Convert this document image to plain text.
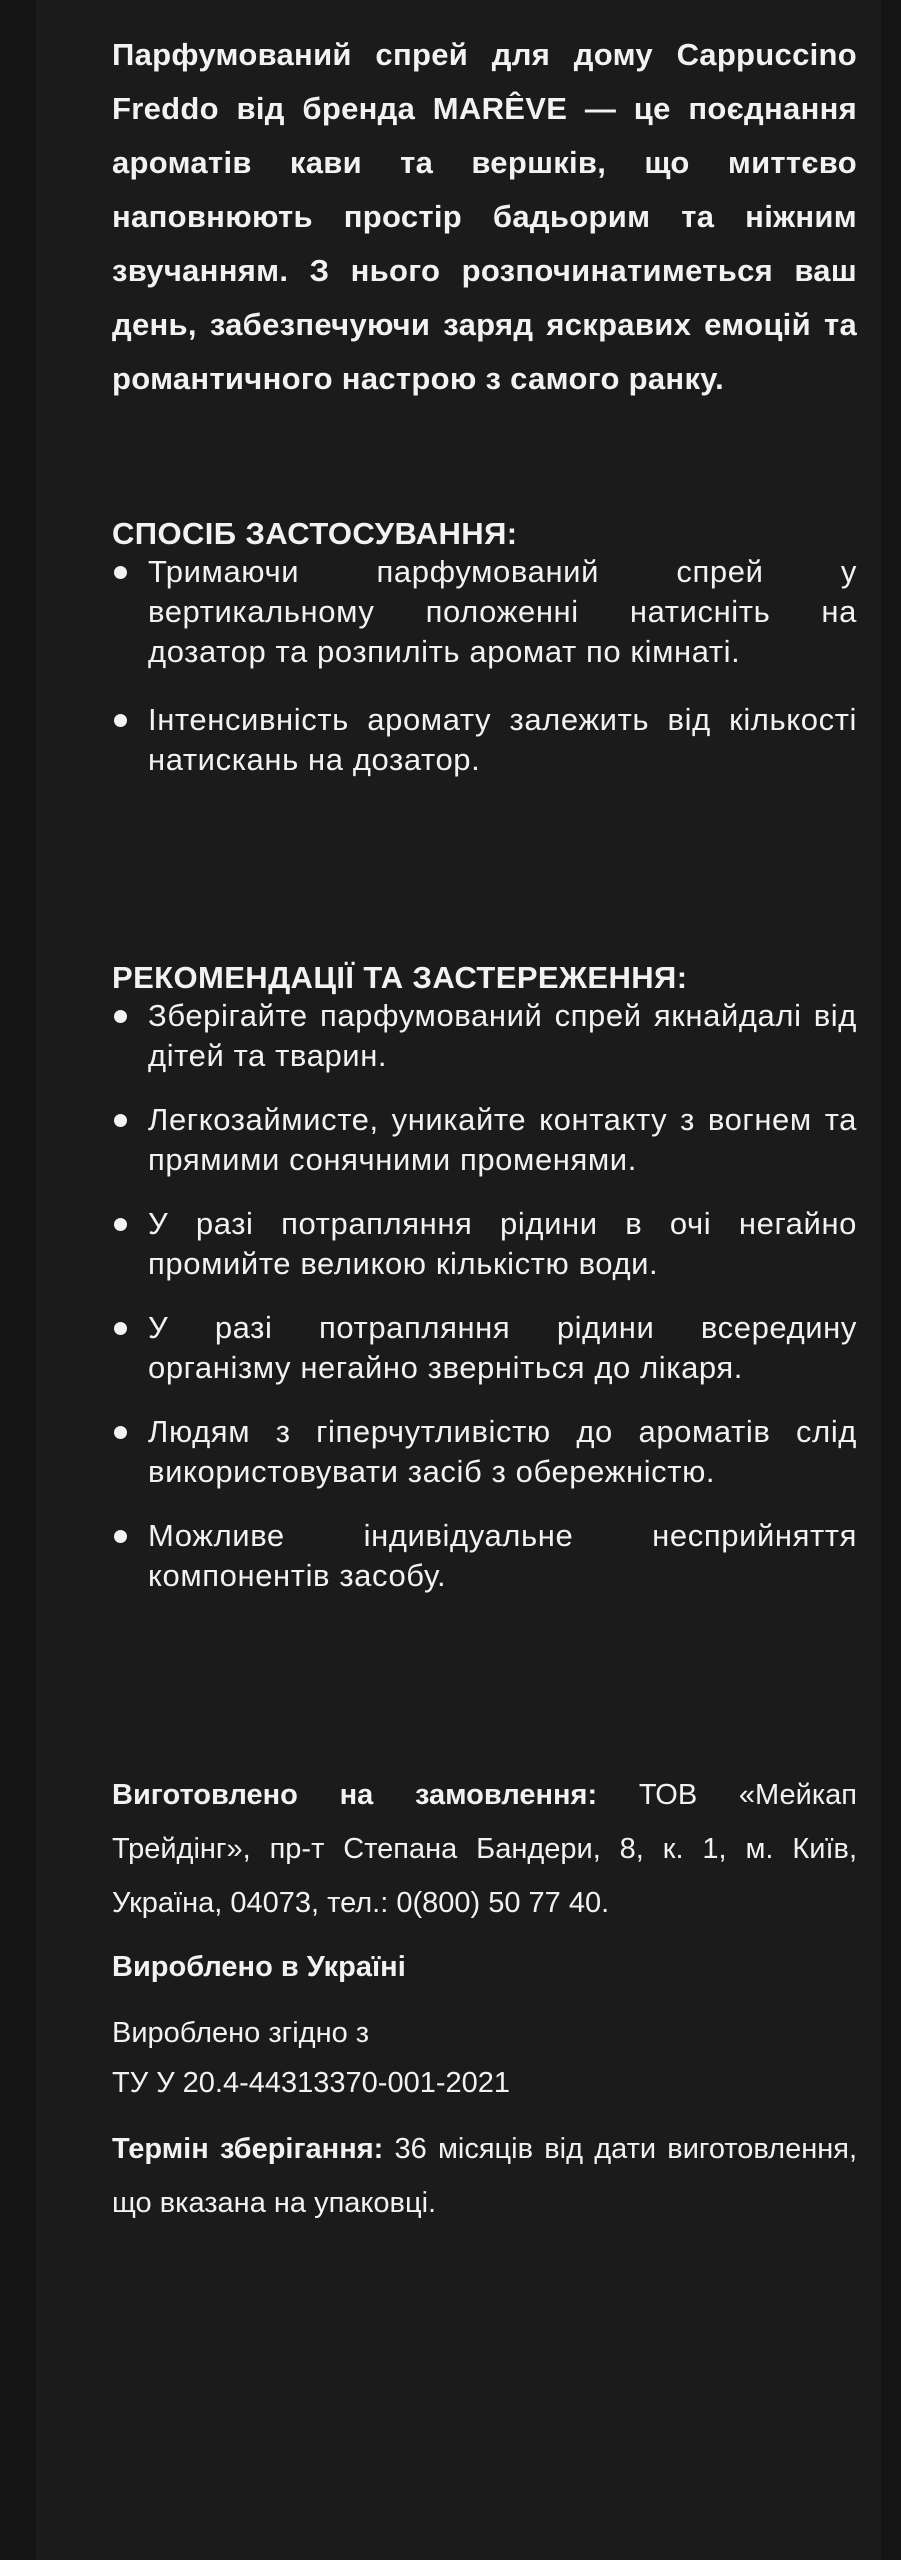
Парфумований спрей для дому Cappuccino Freddo від бренда MARÊVE — це поєднання ароматів кави та вершків, що миттєво наповнюють простір бадьорим та ніжним звучанням. З нього розпочинатиметься ваш день, забезпечуючи заряд яскравих емоцій та романтичного настрою з самого ранку.

СПОСІБ ЗАСТОСУВАННЯ:
Тримаючи парфумований спрей у вертикальному положенні натисніть на дозатор та розпиліть аромат по кімнаті.
Інтенсивність аромату залежить від кількості натискань на дозатор.
РЕКОМЕНДАЦІЇ ТА ЗАСТЕРЕЖЕННЯ:
Зберігайте парфумований спрей якнайдалі від дітей та тварин.
Легкозаймисте, уникайте контакту з вогнем та прямими сонячними променями.
У разі потрапляння рідини в очі негайно промийте великою кількістю води.
У разі потрапляння рідини всередину організму негайно зверніться до лікаря.
Людям з гіперчутливістю до ароматів слід використовувати засіб з обережністю.
Можливе індивідуальне несприйняття компонентів засобу.

Виготовлено на замовлення: ТОВ «Мейкап Трейдінг», пр-т Степана Бандери, 8, к. 1, м. Київ, Україна, 04073, тел.: 0(800) 50 77 40.

Вироблено в Україні

Вироблено згідно з
ТУ У 20.4-44313370-001-2021

Термін зберігання: 36 місяців від дати виготовлення, що вказана на упаковці.
